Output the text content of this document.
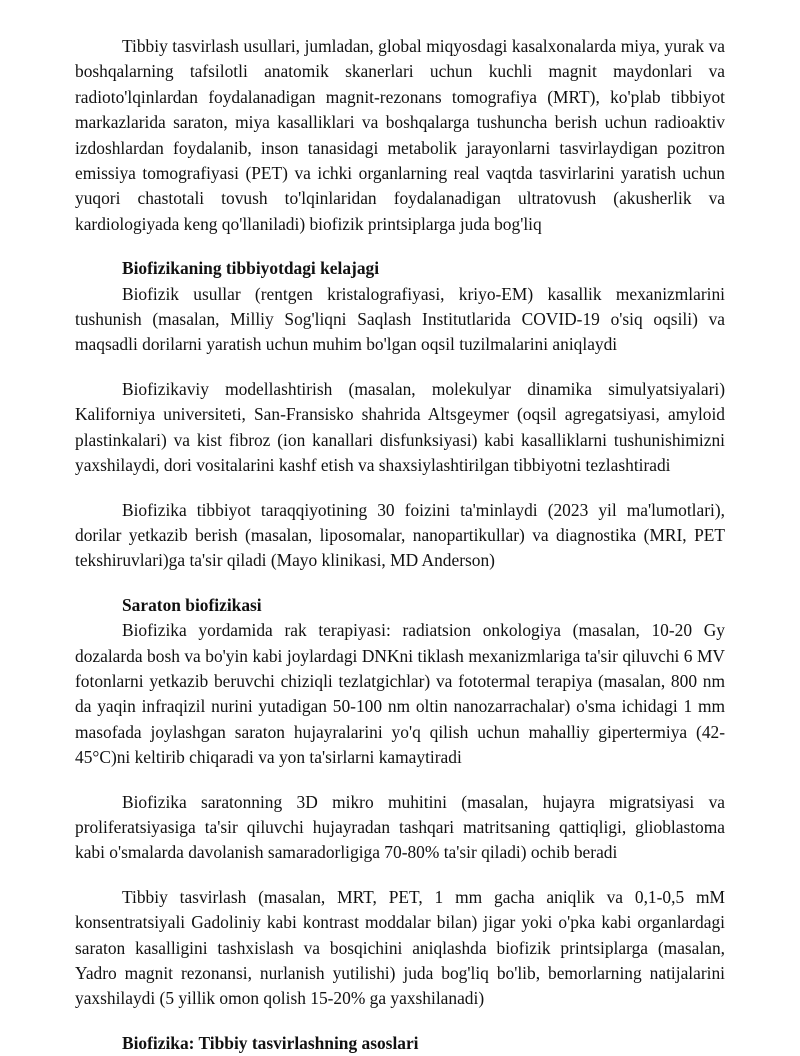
Tibbiy tasvirlash usullari, jumladan, global miqyosdagi kasalxonalarda miya, yurak va boshqalarning tafsilotli anatomik skanerlari uchun kuchli magnit maydonlari va radioto'lqinlardan foydalanadigan magnit-rezonans tomografiya (MRT), ko'plab tibbiyot markazlarida saraton, miya kasalliklari va boshqalarga tushuncha berish uchun radioaktiv izdoshlardan foydalanib, inson tanasidagi metabolik jarayonlarni tasvirlaydigan pozitron emissiya tomografiyasi (PET) va ichki organlarning real vaqtda tasvirlarini yaratish uchun yuqori chastotali tovush to'lqinlaridan foydalanadigan ultratovush (akusherlik va kardiologiyada keng qo'llaniladi) biofizik printsiplarga juda bog'liq

Biofizikaning tibbiyotdagi kelajagi

Biofizik usullar (rentgen kristalografiyasi, kriyo-EM) kasallik mexanizmlarini tushunish (masalan, Milliy Sog'liqni Saqlash Institutlarida COVID-19 o'siq oqsili) va maqsadli dorilarni yaratish uchun muhim bo'lgan oqsil tuzilmalarini aniqlaydi

Biofizikaviy modellashtirish (masalan, molekulyar dinamika simulyatsiyalari) Kaliforniya universiteti, San-Fransisko shahrida Altsgeymer (oqsil agregatsiyasi, amyloid plastinkalari) va kist fibroz (ion kanallari disfunksiyasi) kabi kasalliklarni tushunishimizni yaxshilaydi, dori vositalarini kashf etish va shaxsiylashtirilgan tibbiyotni tezlashtiradi

Biofizika tibbiyot taraqqiyotining 30 foizini ta'minlaydi (2023 yil ma'lumotlari), dorilar yetkazib berish (masalan, liposomalar, nanopartikullar) va diagnostika (MRI, PET tekshiruvlari)ga ta'sir qiladi (Mayo klinikasi, MD Anderson)

Saraton biofizikasi

Biofizika yordamida rak terapiyasi: radiatsion onkologiya (masalan, 10-20 Gy dozalarda bosh va bo'yin kabi joylardagi DNKni tiklash mexanizmlariga ta'sir qiluvchi 6 MV fotonlarni yetkazib beruvchi chiziqli tezlatgichlar) va fototermal terapiya (masalan, 800 nm da yaqin infraqizil nurini yutadigan 50-100 nm oltin nanozarrachalar) o'sma ichidagi 1 mm masofada joylashgan saraton hujayralarini yo'q qilish uchun mahalliy gipertermiya (42-45°C)ni keltirib chiqaradi va yon ta'sirlarni kamaytiradi

Biofizika saratonning 3D mikro muhitini (masalan, hujayra migratsiyasi va proliferatsiyasiga ta'sir qiluvchi hujayradan tashqari matritsaning qattiqligi, glioblastoma kabi o'smalarda davolanish samaradorligiga 70-80% ta'sir qiladi) ochib beradi

Tibbiy tasvirlash (masalan, MRT, PET, 1 mm gacha aniqlik va 0,1-0,5 mM konsentratsiyali Gadoliniy kabi kontrast moddalar bilan) jigar yoki o'pka kabi organlardagi saraton kasalligini tashxislash va bosqichini aniqlashda biofizik printsiplarga (masalan, Yadro magnit rezonansi, nurlanish yutilishi) juda bog'liq bo'lib, bemorlarning natijalarini yaxshilaydi (5 yillik omon qolish 15-20% ga yaxshilanadi)

Biofizika: Tibbiy tasvirlashning asoslari
